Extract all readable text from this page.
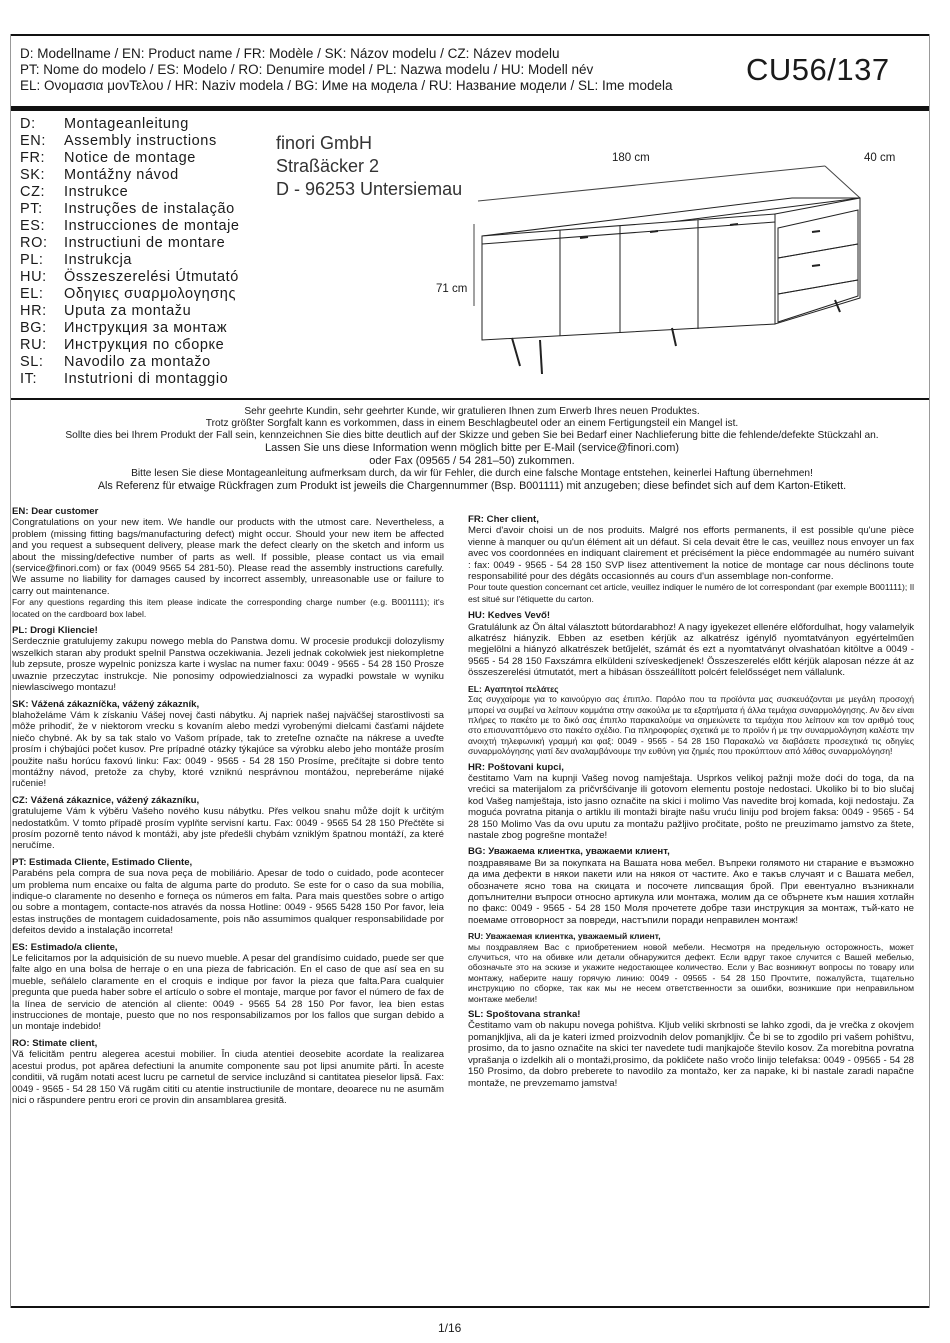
D: Modellname / EN: Product name / FR: Modèle / SK: Názov modelu / CZ: Název modelu
PT: Nome do modelo / ES: Modelo / RO: Denumire model / PL: Nazwa modelu / HU: Modell név
EL: Ονομασια μονΤελου / HR: Naziv modela / BG: Име на модела / RU: Название модели / SL: Ime modela CU56/137
D: Montageanleitung
EN: Assembly instructions
FR: Notice de montage
SK: Montážny návod
CZ: Instrukce
PT: Instruções de instalação
ES: Instrucciones de montaje
RO: Instructiuni de montare
PL: Instrukcja
HU: Összeszerelési Útmutató
EL: Οδηγιες συαρμολογησης
HR: Uputa za montažu
BG: Инструкция за монтаж
RU: Инструкция по сборке
SL: Navodilo za montažo
IT: Instutrioni di montaggio
finori GmbH
Straßäcker 2
D - 96253 Untersiemau
180 cm	40 cm
71 cm
Sehr geehrte Kundin, sehr geehrter Kunde, wir gratulieren Ihnen zum Erwerb Ihres neuen Produktes.
Trotz größter Sorgfalt kann es vorkommen, dass in einem Beschlagbeutel oder an einem Fertigungsteil ein Mangel ist.
Sollte dies bei Ihrem Produkt der Fall sein, kennzeichnen Sie dies bitte deutlich auf der Skizze und geben Sie bei Bedarf einer Nachlieferung bitte die fehlende/defekte Stückzahl an.
Lassen Sie uns diese Information wenn möglich bitte per E-Mail (service@finori.com)
oder Fax (09565 / 54 281–50) zukommen.
Bitte lesen Sie diese Montageanleitung aufmerksam durch, da wir für Fehler, die durch eine falsche Montage entstehen, keinerlei Haftung übernehmen!
Als Referenz für etwaige Rückfragen zum Produkt ist jeweils die Chargennummer (Bsp. B001111) mit anzugeben; diese befindet sich auf dem Karton-Etikett.

EN: Dear customer
Congratulations on your new item. We handle our products with the utmost care. Nevertheless, a problem (missing fitting bags/manufacturing defect) might occur. Should your new item be affected and you request a subsequent delivery, please mark the defect clearly on the sketch and inform us about the missing/defective number of parts as well. If possible, please contact us via email (service@finori.com) or fax (0049 9565 54 281-50). Please read the assembly instructions carefully. We assume no liability for damages caused by incorrect assembly, unreasonable use or failure to carry out maintenance.
For any questions regarding this item please indicate the corresponding charge number (e.g. B001111); it's located on the cardboard box label.

PL: Drogi Kliencie!
Serdecznie gratulujemy zakupu nowego mebla do Panstwa domu. W procesie produkcji dolozylismy wszelkich staran aby produkt spelnil Panstwa oczekiwania. Jezeli jednak cokolwiek jest niekompletne lub zepsute, prosze wypelnic ponizsza karte i wyslac na numer faxu: 0049 - 9565 - 54 28 150 Prosze uwaznie przeczytac instrukcje. Nie ponosimy odpowiedzialnosci za wypadki powstale w wyniku niewlasciwego montazu!

SK: Vážená zákazníčka, vážený zákazník,
blahoželáme Vám k získaniu Vášej novej časti nábytku. Aj napriek našej najväčšej starostlivosti sa môže prihodiť, že v niektorom vrecku s kovaním alebo medzi vyrobenými dielcami časťami nájdete niečo chybné. Ak by sa tak stalo vo Vašom prípade, tak to zreteľne označte na nákrese a uveďte prosím i chýbajúci počet kusov. Pre prípadné otázky týkajúce sa výrobku alebo jeho montáže prosím použite našu horúcu faxovú linku: Fax: 0049 - 9565 - 54 28 150 Prosíme, prečítajte si dobre tento montážny návod, pretože za chyby, ktoré vzniknú nesprávnou montážou, nepreberáme nijaké ručenie!

CZ: Vážená zákaznice, vážený zákazníku,
gratulujeme Vám k výběru Vašeho nového kusu nábytku. Přes velkou snahu může dojít k určitým nedostatkům. V tomto případě prosím vyplňte servisní kartu. Fax: 0049 - 9565 54 28 150 Přečtěte si prosím pozorně tento návod k montáži, aby jste předešli chybám vzniklým špatnou montáží, za které neručíme.

PT: Estimada Cliente, Estimado Cliente,
Parabéns pela compra de sua nova peça de mobiliário. Apesar de todo o cuidado, pode acontecer um problema num encaixe ou falta de alguma parte do produto. Se este for o caso da sua mobília, indique-o claramente no desenho e forneça os números em falta. Para mais questões sobre o artigo ou sobre a montagem, contacte-nos através da nossa Hotline: 0049 - 9565 5428 150 Por favor, leia estas instruções de montagem cuidadosamente, pois não assumimos qualquer responsabilidade por defeitos devido a instalação incorreta!

ES: Estimado/a cliente,
Le felicitamos por la adquisición de su nuevo mueble. A pesar del grandísimo cuidado, puede ser que falte algo en una bolsa de herraje o en una pieza de fabricación. En el caso de que así sea en su mueble, señálelo claramente en el croquis e indique por favor la pieza que falta.Para cualquier pregunta que pueda haber sobre el artículo o sobre el montaje, marque por favor el número de fax de la línea de servicio de atención al cliente: 0049 - 9565 54 28 150 Por favor, lea bien estas instrucciones de montaje, puesto que no nos responsabilizamos por los fallos que surgan debido a un montaje indebido!

RO: Stimate client,
Vă felicităm pentru alegerea acestui mobilier. În ciuda atentiei deosebite acordate la realizarea acestui produs, pot apărea defectiuni la anumite componente sau pot lipsi anumite părti. În aceste conditii, vă rugăm notati acest lucru pe carnetul de service incluzând si cantitatea pieselor lipsă. Fax: 0049 - 9565 - 54 28 150 Vă rugăm cititi cu atentie instructiunile de montare, deoarece nu ne asumăm nici o răspundere pentru erori ce provin din ansamblarea gresită.

FR: Cher client,
Merci d'avoir choisi un de nos produits. Malgré nos efforts permanents, il est possible qu'une pièce vienne à manquer ou qu'un élément ait un défaut. Si cela devait être le cas, veuillez nous envoyer un fax avec vos coordonnées en indiquant clairement et précisément la pièce endommagée au numéro suivant : fax: 0049 - 9565 - 54 28 150 SVP lisez attentivement la notice de montage car nous déclinons toute responsabilité pour des dégâts occasionnés au cours d'un assemblage non-conforme.
Pour toute question concernant cet article, veuillez indiquer le numéro de lot correspondant (par exemple B001111); Il est situé sur l'étiquette du carton.

HU: Kedves Vevő!
Gratulálunk az Ön által választott bútordarabhoz! A nagy igyekezet ellenére előfordulhat, hogy valamelyik alkatrész hiányzik. Ebben az esetben kérjük az alkatrész igénylő nyomtatványon egyértelműen megjelölni a hiányzó alkatrészek betűjelét, számát és ezt a nyomtatványt olvashatóan kitöltve a 0049 - 9565 - 54 28 150 Faxszámra elküldeni szíveskedjenek! Összeszerelés előtt kérjük alaposan nézze át az összeszerelési útmutatót, mert a hibásan összeállított polcért felelősséget nem vállalunk.

EL: Αγαπητοί πελάτες
Σας συγχαίρομε για το καινούργιο σας έπιπλο. Παρόλο που τα προϊόντα μας συσκευάζονται με μεγάλη προσοχή μπορεί να συμβεί να λείπουν κομμάτια στην σακούλα με τα εξαρτήματα ή άλλα τεμάχια συναρμολόγησης. Αν δεν είναι πλήρες το πακέτο με το δικό σας έπιπλο παρακαλούμε να σημειώνετε τα τεμάχια που λείπουν και τον αριθμό τους στο επισυναπτόμενο στο πακέτο σχέδιο. Για πληροφορίες σχετικά με το προϊόν ή με την συναρμολόγηση καλέστε την ανοιχτή τηλεφωνική γραμμή και φαξ: 0049 - 9565 - 54 28 150 Παρακαλώ να διαβάσετε προσεχτικά τις οδηγίες συναρμολόγησης γιατί δεν αναλαμβάνουμε την ευθύνη για ζημιές που προκύπτουν από λάθος συναρμολόγηση!

HR: Poštovani kupci,
čestitamo Vam na kupnji Vašeg novog namještaja. Usprkos velikoj pažnji može doći do toga, da na vrećici sa materijalom za pričvršćivanje ili gotovom elementu postoje nedostaci. Ukoliko bi to bio slučaj kod Vašeg namještaja, isto jasno označite na skici i molimo Vas navedite broj komada, koji nedostaju. Za moguća povratna pitanja o artiklu ili montaži birajte našu vruću liniju pod brojem faksa: 0049 - 9565 - 54 28 150 Molimo Vas da ovu uputu za montažu pažljivo pročitate, pošto ne preuzimamo jamstvo za štete, nastale zbog pogrešne montaže!

BG: Уважаема клиентка, уважаеми клиент,
поздравяваме Ви за покупката на Вашата нова мебел. Въпреки голямото ни старание е възможно да има дефекти в някои пакети или на някоя от частите. Ако е такъв случаят и с Вашата мебел, обозначете ясно това на скицата и посочете липсващия брой. При евентуално възникнали допълнителни въпроси относно артикула или монтажа, молим да се обърнете към нашия хотлайн по факс: 0049 - 9565 - 54 28 150 Моля прочетете добре тази инструкция за монтаж, тъй-като не поемаме отговорност за повреди, настъпили поради неправилен монтаж!

RU: Уважаемая клиентка, уважаемый клиент,
мы поздравляем Вас с приобретением новой мебели. Несмотря на предельную осторожность, может случиться, что на обивке или детали обнаружится дефект. Если вдруг такое случится с Вашей мебелью, обозначьте это на эскизе и укажите недостающее количество. Если у Вас возникнут вопросы по товару или монтажу, наберите нашу горячую линию: 0049 - 09565 - 54 28 150 Прочтите, пожалуйста, тщательно инструкцию по сборке, так как мы не несем ответственности за ошибки, возникшие при неправильном монтаже мебели!

SL: Spoštovana stranka!
Čestitamo vam ob nakupu novega pohištva. Kljub veliki skrbnosti se lahko zgodi, da je vrečka z okovjem pomanjkljiva, ali da je kateri izmed proizvodnih delov pomanjkljiv. Če bi se to zgodilo pri vašem pohištvu, prosimo, da to jasno označite na skici ter navedete tudi manjkajoče število kosov. Za morebitna povratna vprašanja o izdelkih ali o montaži,prosimo, da pokličete našo vročo linijo telefaksa: 0049 - 09565 - 54 28 150 Prosimo, da dobro preberete to navodilo za montažo, ker za napake, ki bi nastale zaradi napačne montaže, ne prevzemamo jamstva!

1/16
